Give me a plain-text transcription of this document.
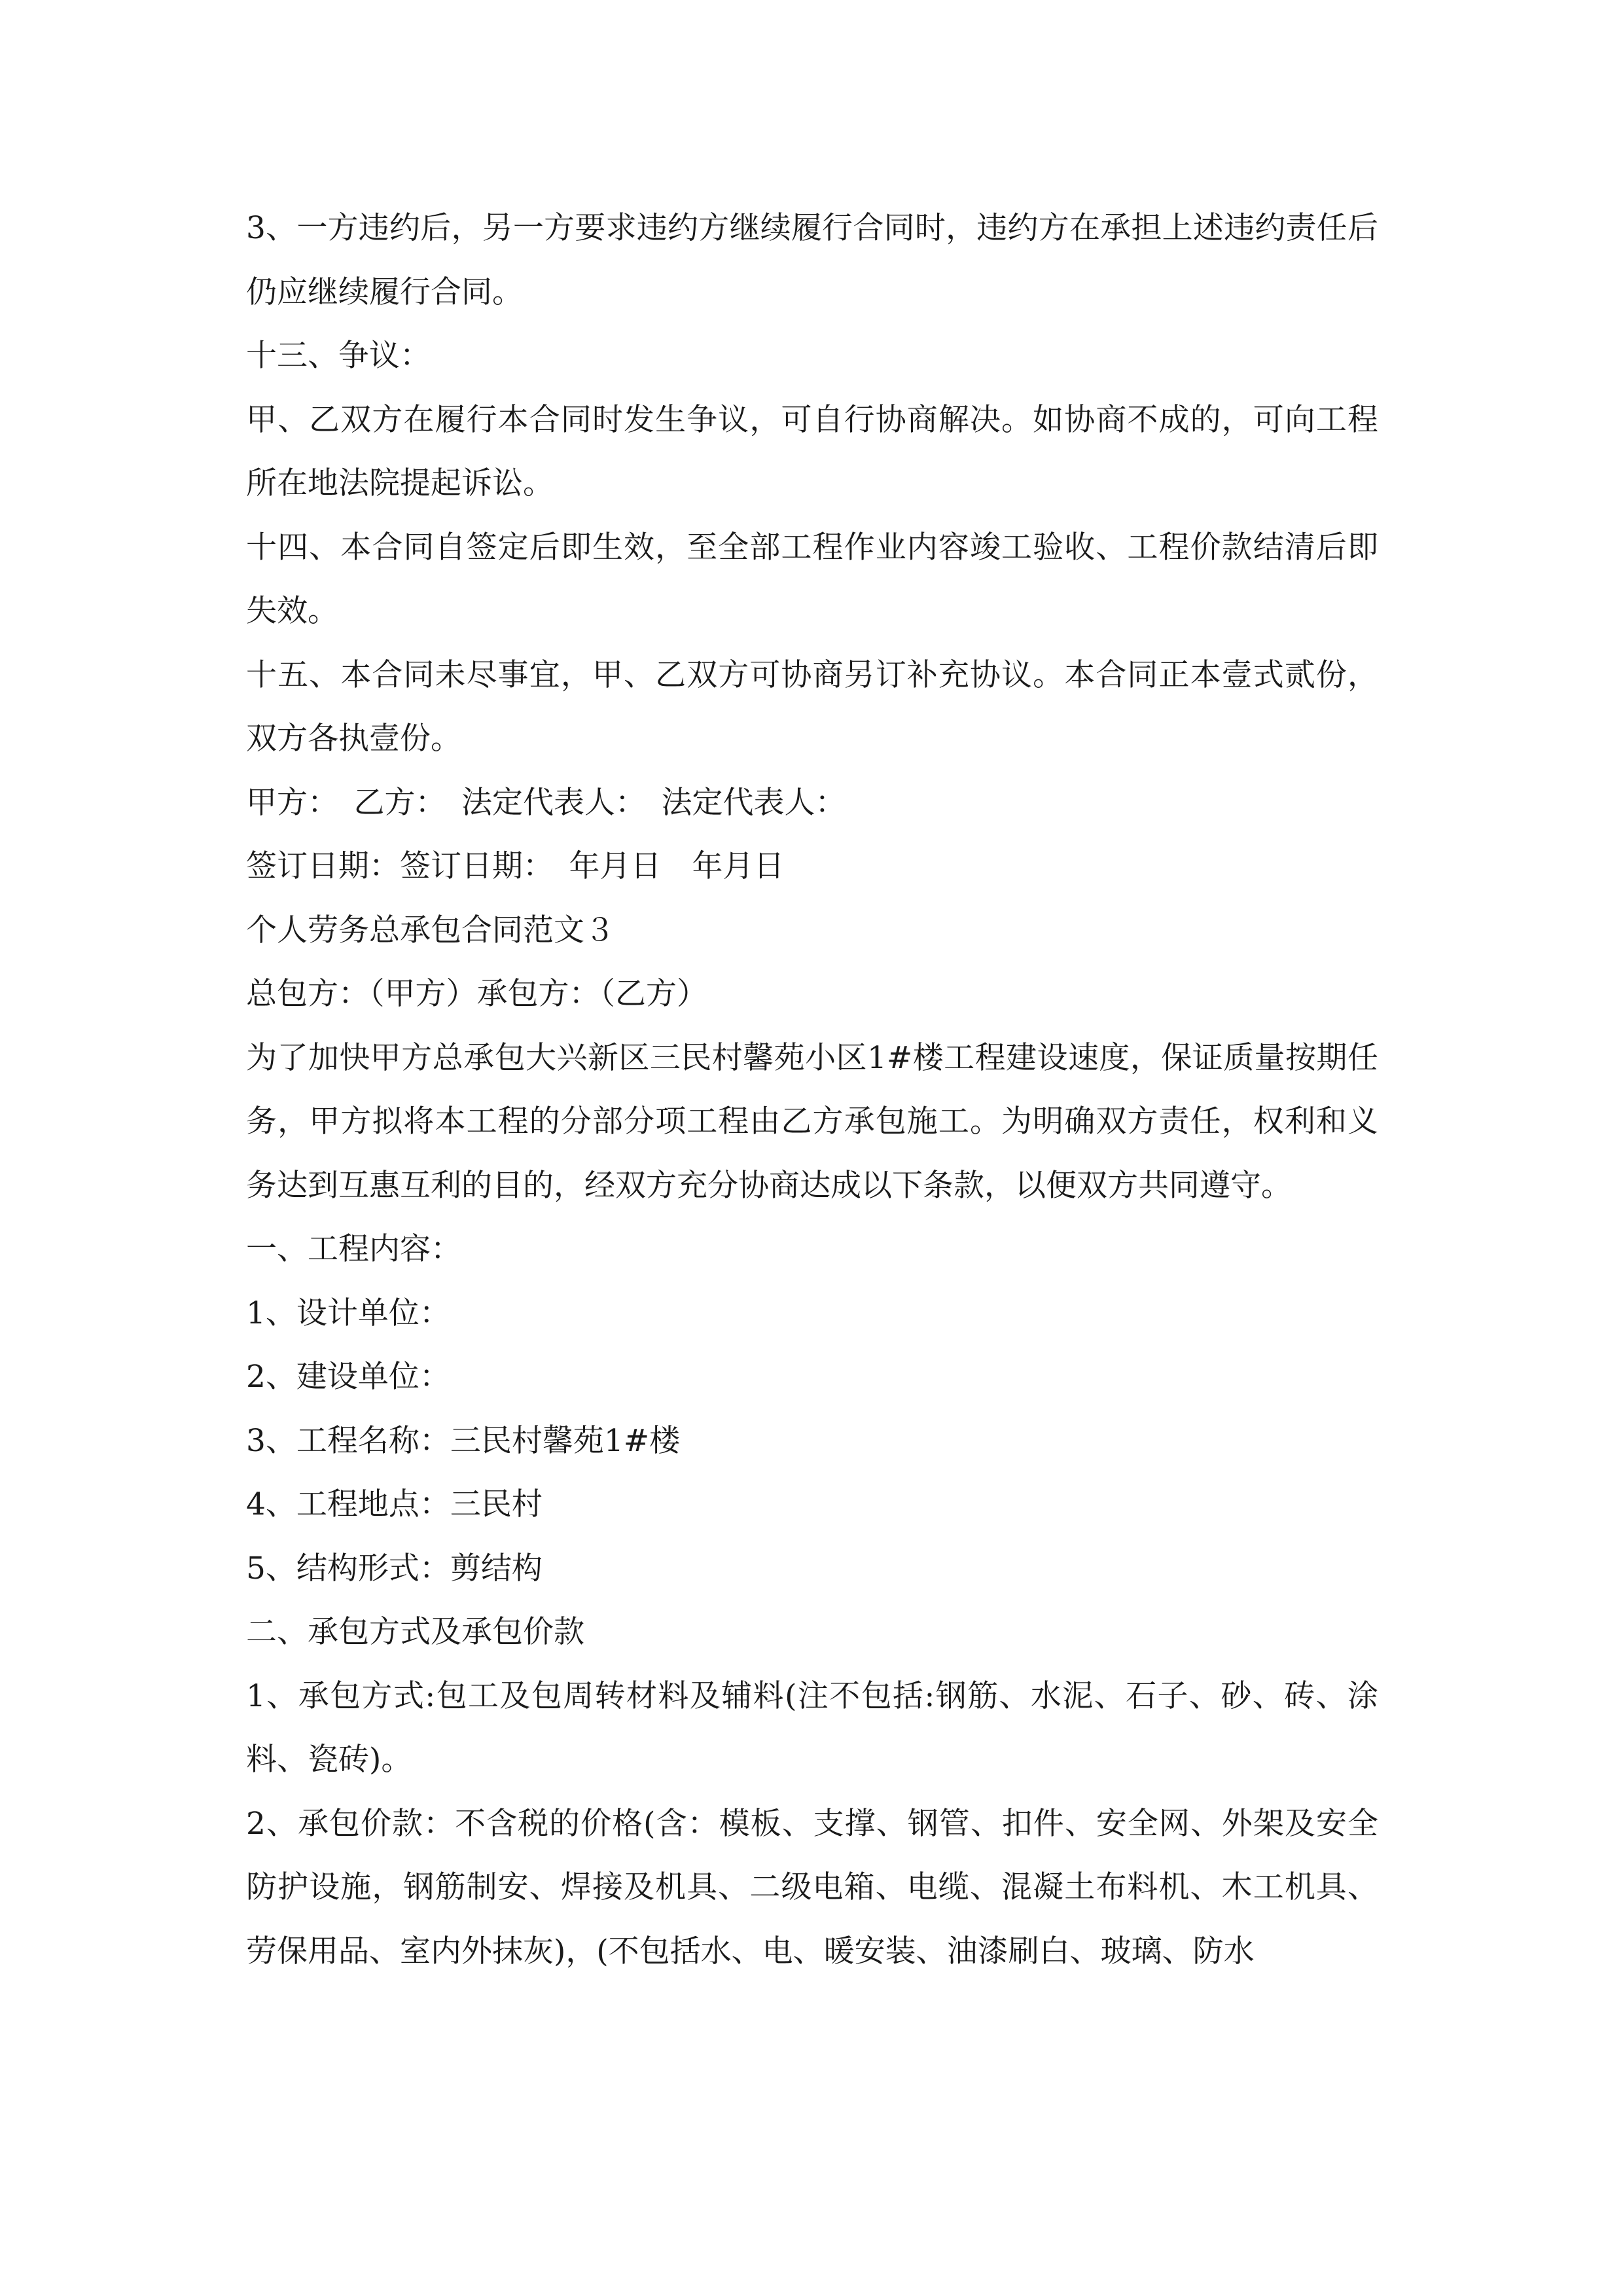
3、一方违约后，另一方要求违约方继续履行合同时，违约方在承担上述违约责任后仍应继续履行合同。

十三、争议：

甲、乙双方在履行本合同时发生争议，可自行协商解决。如协商不成的，可向工程所在地法院提起诉讼。

十四、本合同自签定后即生效，至全部工程作业内容竣工验收、工程价款结清后即失效。

十五、本合同未尽事宜，甲、乙双方可协商另订补充协议。本合同正本壹式贰份，双方各执壹份。

甲方：　乙方：　法定代表人：　法定代表人：

签订日期：签订日期：　年月日　年月日

个人劳务总承包合同范文３

总包方：（甲方）承包方：（乙方）

为了加快甲方总承包大兴新区三民村馨苑小区1#楼工程建设速度，保证质量按期任务，甲方拟将本工程的分部分项工程由乙方承包施工。为明确双方责任，权利和义务达到互惠互利的目的，经双方充分协商达成以下条款，以便双方共同遵守。

一、工程内容：

1、设计单位：

2、建设单位：

3、工程名称：三民村馨苑1#楼

4、工程地点：三民村

5、结构形式：剪结构

二、承包方式及承包价款

1、承包方式:包工及包周转材料及辅料(注不包括:钢筋、水泥、石子、砂、砖、涂料、瓷砖)。

2、承包价款：不含税的价格(含：模板、支撑、钢管、扣件、安全网、外架及安全防护设施，钢筋制安、焊接及机具、二级电箱、电缆、混凝土布料机、木工机具、劳保用品、室内外抹灰)，(不包括水、电、暖安装、油漆刷白、玻璃、防水
